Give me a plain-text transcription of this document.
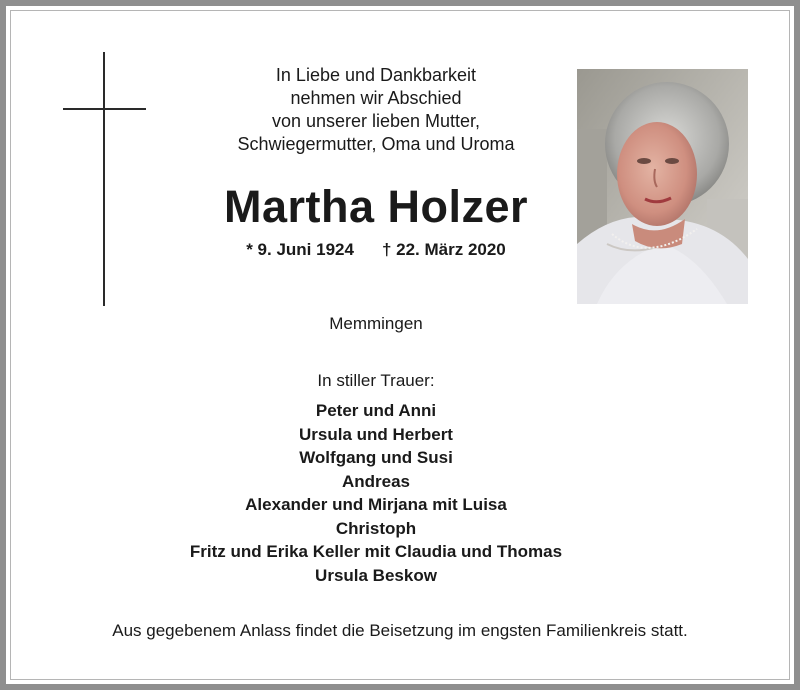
In Liebe und Dankbarkeit
nehmen wir Abschied
von unserer lieben Mutter,
Schwiegermutter, Oma und Uroma
Martha Holzer
* 9. Juni 1924 † 22. März 2020
Memmingen
In stiller Trauer:
Peter und Anni
Ursula und Herbert
Wolfgang und Susi
Andreas
Alexander und Mirjana mit Luisa
Christoph
Fritz und Erika Keller mit Claudia und Thomas
Ursula Beskow
Aus gegebenem Anlass findet die Beisetzung im engsten Familienkreis statt.
